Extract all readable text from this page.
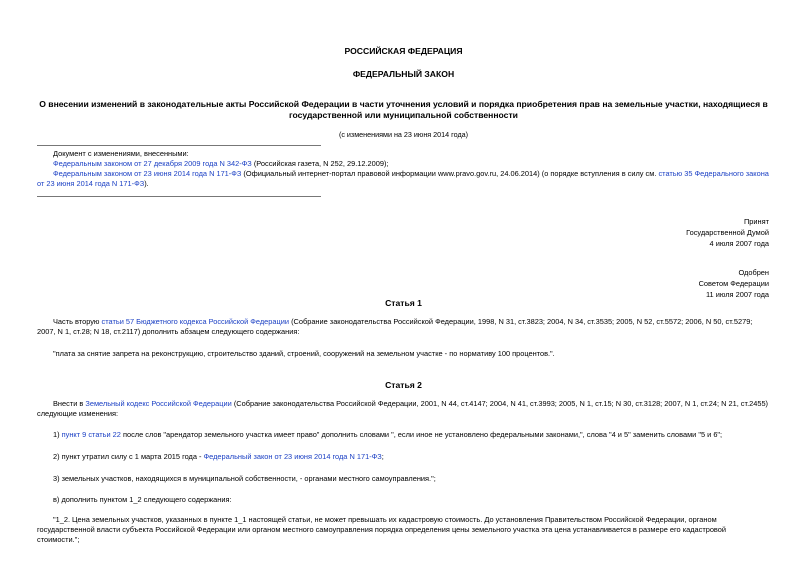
РОССИЙСКАЯ ФЕДЕРАЦИЯ
ФЕДЕРАЛЬНЫЙ ЗАКОН
О внесении изменений в законодательные акты Российской Федерации в части уточнения условий и порядка приобретения прав на земельные участки, находящиеся в государственной или муниципальной собственности
(с изменениями на 23 июня 2014 года)

Документ с изменениями, внесенными:

Федеральным законом от 27 декабря 2009 года N 342-ФЗ (Российская газета, N 252, 29.12.2009);

Федеральным законом от 23 июня 2014 года N 171-ФЗ (Официальный интернет-портал правовой информации www.pravo.gov.ru, 24.06.2014) (о порядке вступления в силу см. статью 35 Федерального закона от 23 июня 2014 года N 171-ФЗ).

Принят
Государственной Думой
4 июля 2007 года

Одобрен
Советом Федерации
11 июля 2007 года

Статья 1

Часть вторую статьи 57 Бюджетного кодекса Российской Федерации (Собрание законодательства Российской Федерации, 1998, N 31, ст.3823; 2004, N 34, ст.3535; 2005, N 52, ст.5572; 2006, N 50, ст.5279; 2007, N 1, ст.28; N 18, ст.2117) дополнить абзацем следующего содержания:

"плата за снятие запрета на реконструкцию, строительство зданий, строений, сооружений на земельном участке - по нормативу 100 процентов.".

Статья 2

Внести в Земельный кодекс Российской Федерации (Собрание законодательства Российской Федерации, 2001, N 44, ст.4147; 2004, N 41, ст.3993; 2005, N 1, ст.15; N 30, ст.3128; 2007, N 1, ст.24; N 21, ст.2455) следующие изменения:

1) пункт 9 статьи 22 после слов "арендатор земельного участка имеет право" дополнить словами ", если иное не установлено федеральными законами,", слова "4 и 5" заменить словами "5 и 6";

2) пункт утратил силу с 1 марта 2015 года - Федеральный закон от 23 июня 2014 года N 171-ФЗ;

3) земельных участков, находящихся в муниципальной собственности, - органами местного самоуправления.";

в) дополнить пунктом 1_2 следующего содержания:

"1_2. Цена земельных участков, указанных в пункте 1_1 настоящей статьи, не может превышать их кадастровую стоимость. До установления Правительством Российской Федерации, органом государственной власти субъекта Российской Федерации или органом местного самоуправления порядка определения цены земельного участка эта цена устанавливается в размере его кадастровой стоимости.";
